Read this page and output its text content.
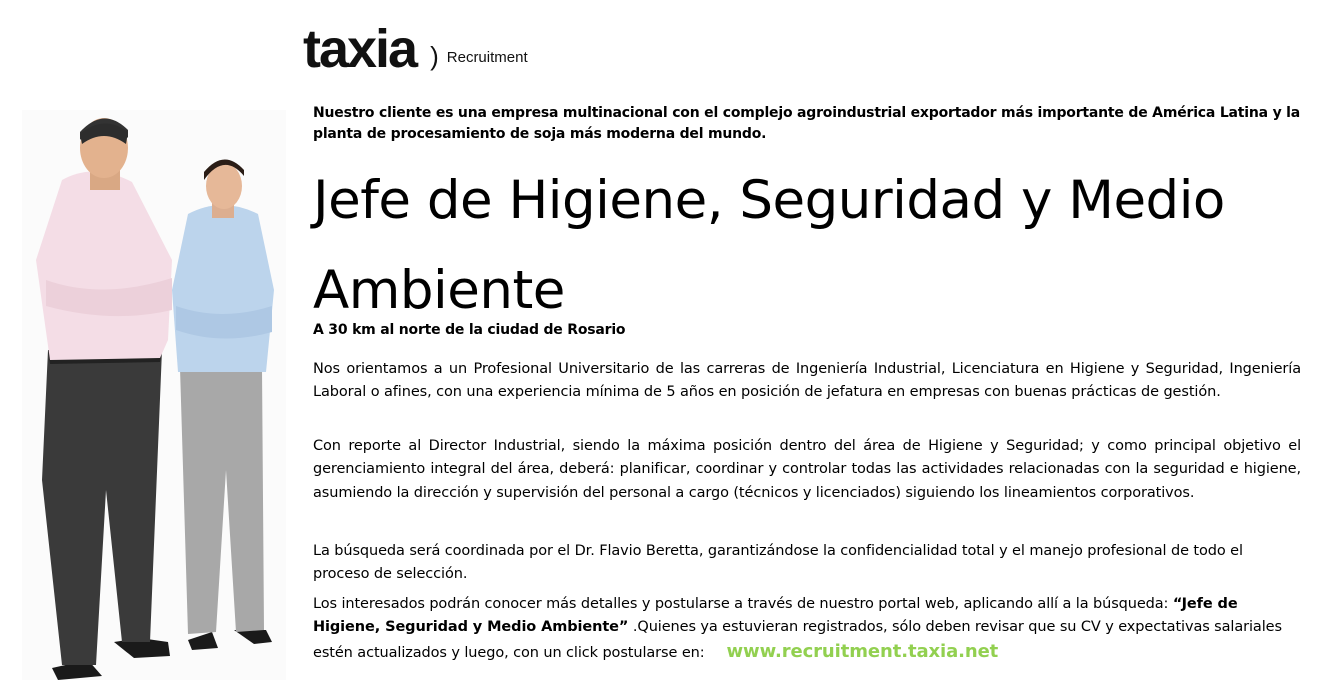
taxia ) Recruitment
Nuestro cliente es una empresa multinacional con el complejo agroindustrial exportador más importante de América Latina y la planta de procesamiento de soja más moderna del mundo.
Jefe de Higiene, Seguridad y Medio Ambiente
A 30 km al norte de la ciudad de Rosario

Nos orientamos a un Profesional Universitario de las carreras de Ingeniería Industrial, Licenciatura en Higiene y Seguridad, Ingeniería Laboral o afines, con una experiencia mínima de 5 años en posición de jefatura en empresas con buenas prácticas de gestión.

Con reporte al Director Industrial, siendo la máxima posición dentro del área de Higiene y Seguridad; y como principal objetivo el gerenciamiento integral del área, deberá: planificar, coordinar y controlar todas las actividades relacionadas con la seguridad e higiene, asumiendo la dirección y supervisión del personal a cargo (técnicos y licenciados) siguiendo los lineamientos corporativos.

La búsqueda será coordinada por el Dr. Flavio Beretta, garantizándose la confidencialidad total y el manejo profesional de todo el proceso de selección.

Los interesados podrán conocer más detalles y postularse a través de nuestro portal web, aplicando allí a la búsqueda: “Jefe de Higiene, Seguridad y Medio Ambiente” .Quienes ya estuvieran registrados, sólo deben revisar que su CV y expectativas salariales estén actualizados y luego, con un click postularse en: www.recruitment.taxia.net
